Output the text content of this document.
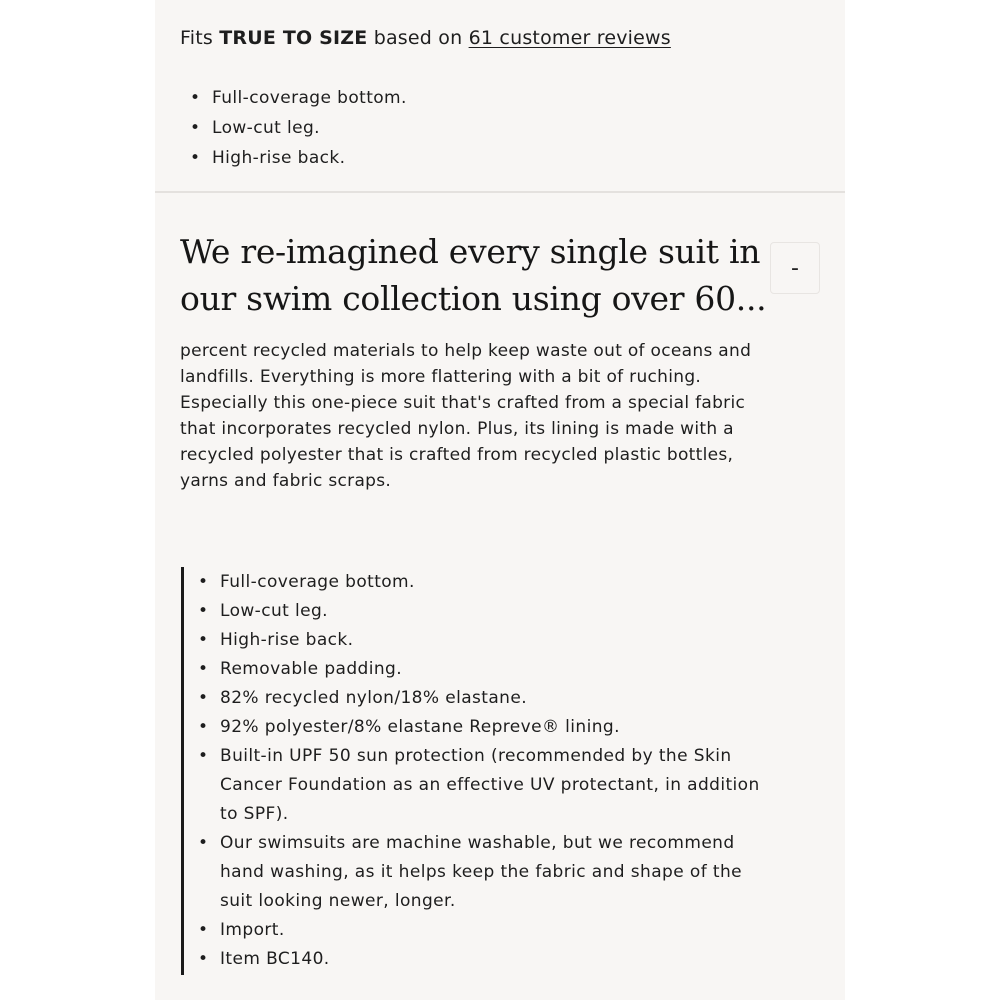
Fits TRUE TO SIZE based on 61 customer reviews
• Full-coverage bottom.
• Low-cut leg.
• High-rise back.
We re-imagined every single suit in our swim collection using over 60...
-

percent recycled materials to help keep waste out of oceans and landfills. Everything is more flattering with a bit of ruching. Especially this one-piece suit that's crafted from a special fabric that incorporates recycled nylon. Plus, its lining is made with a recycled polyester that is crafted from recycled plastic bottles, yarns and fabric scraps.

• Full-coverage bottom.
• Low-cut leg.
• High-rise back.
• Removable padding.
• 82% recycled nylon/18% elastane.
• 92% polyester/8% elastane Repreve® lining.
• Built-in UPF 50 sun protection (recommended by the Skin Cancer Foundation as an effective UV protectant, in addition to SPF).
• Our swimsuits are machine washable, but we recommend hand washing, as it helps keep the fabric and shape of the suit looking newer, longer.
• Import.
• Item BC140.
